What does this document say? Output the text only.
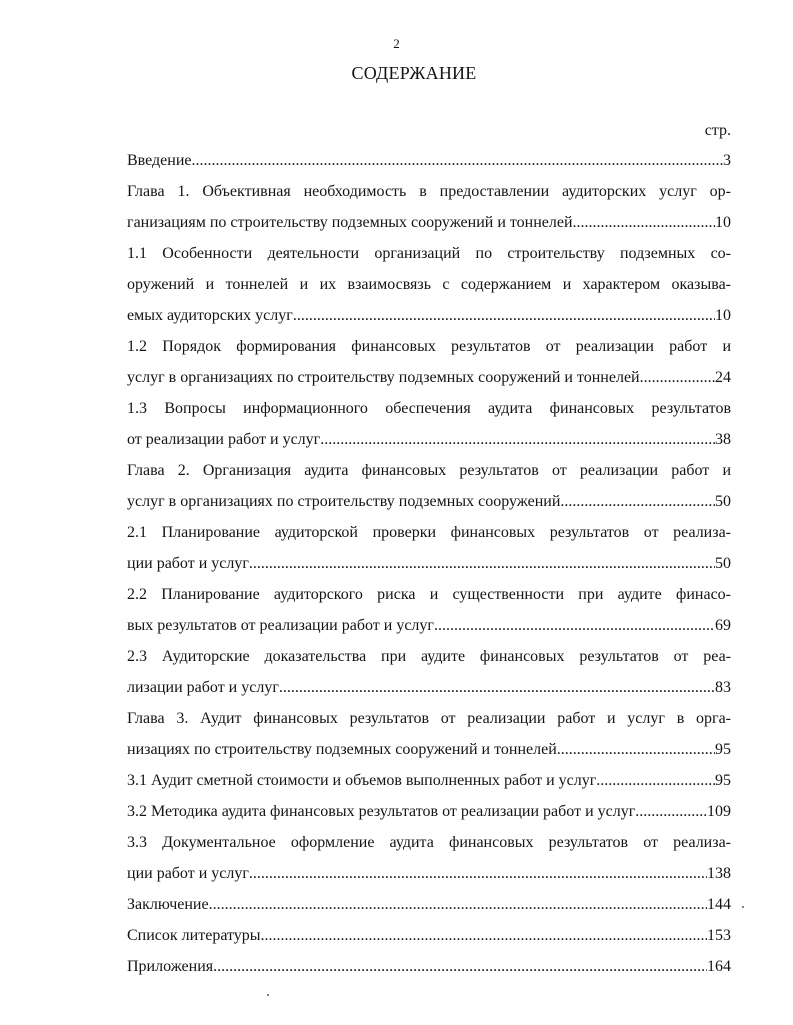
2
СОДЕРЖАНИЕ
стр.
Введение .....	3
Глава 1. Объективная необходимость в предоставлении аудиторских услуг ор-
ганизациям по строительству подземных сооружений и тоннелей .....	10
1.1 Особенности деятельности организаций по строительству подземных со-
оружений и тоннелей и их взаимосвязь с содержанием и характером оказыва-
емых аудиторских услуг .....	10
1.2 Порядок формирования финансовых результатов от реализации работ и
услуг в организациях по строительству подземных сооружений и тоннелей .....	24
1.3 Вопросы информационного обеспечения аудита финансовых результатов
от реализации работ и услуг .....	38
Глава 2. Организация аудита финансовых результатов от реализации работ и
услуг в организациях по строительству подземных сооружений .....	50
2.1 Планирование аудиторской проверки финансовых результатов от реализа-
ции работ и услуг .....	50
2.2 Планирование аудиторского риска и существенности при аудите финасо-
вых результатов от реализации работ и услуг .....	69
2.3 Аудиторские доказательства при аудите финансовых результатов от реа-
лизации работ и услуг .....	83
Глава 3. Аудит финансовых результатов от реализации работ и услуг в орга-
низациях по строительству подземных сооружений и тоннелей .....	95
3.1 Аудит сметной стоимости и объемов выполненных работ и услуг .....	95
3.2 Методика аудита финансовых результатов от реализации работ и услуг .....	109
3.3 Документальное оформление аудита финансовых результатов от реализа-
ции работ и услуг .....	138
Заключение .....	144
Список литературы .....	153
Приложения .....	164
